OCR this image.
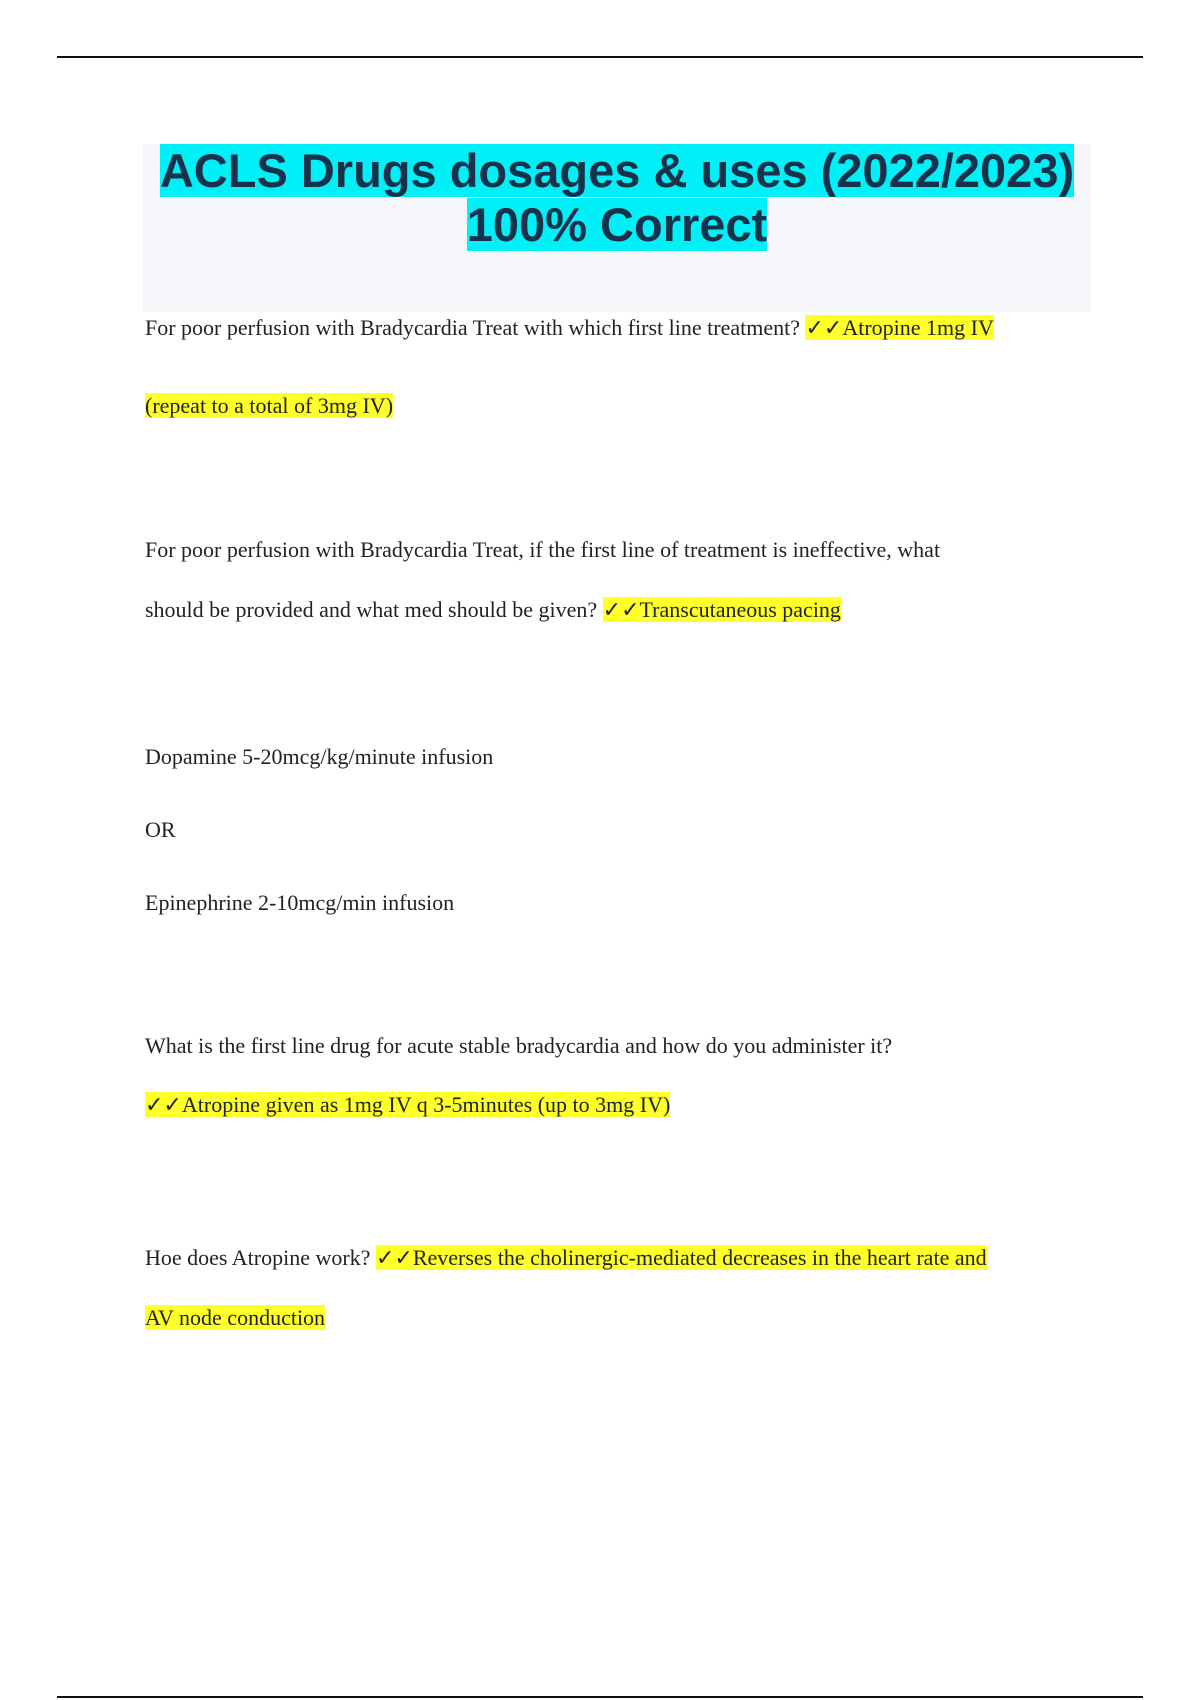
ACLS Drugs dosages & uses (2022/2023)
100% Correct
For poor perfusion with Bradycardia Treat with which first line treatment? ✓✓Atropine 1mg IV
(repeat to a total of 3mg IV)
For poor perfusion with Bradycardia Treat, if the first line of treatment is ineffective, what
should be provided and what med should be given? ✓✓Transcutaneous pacing
Dopamine 5-20mcg/kg/minute infusion
OR
Epinephrine 2-10mcg/min infusion
What is the first line drug for acute stable bradycardia and how do you administer it?
✓✓Atropine given as 1mg IV q 3-5minutes (up to 3mg IV)
Hoe does Atropine work? ✓✓Reverses the cholinergic-mediated decreases in the heart rate and
AV node conduction
